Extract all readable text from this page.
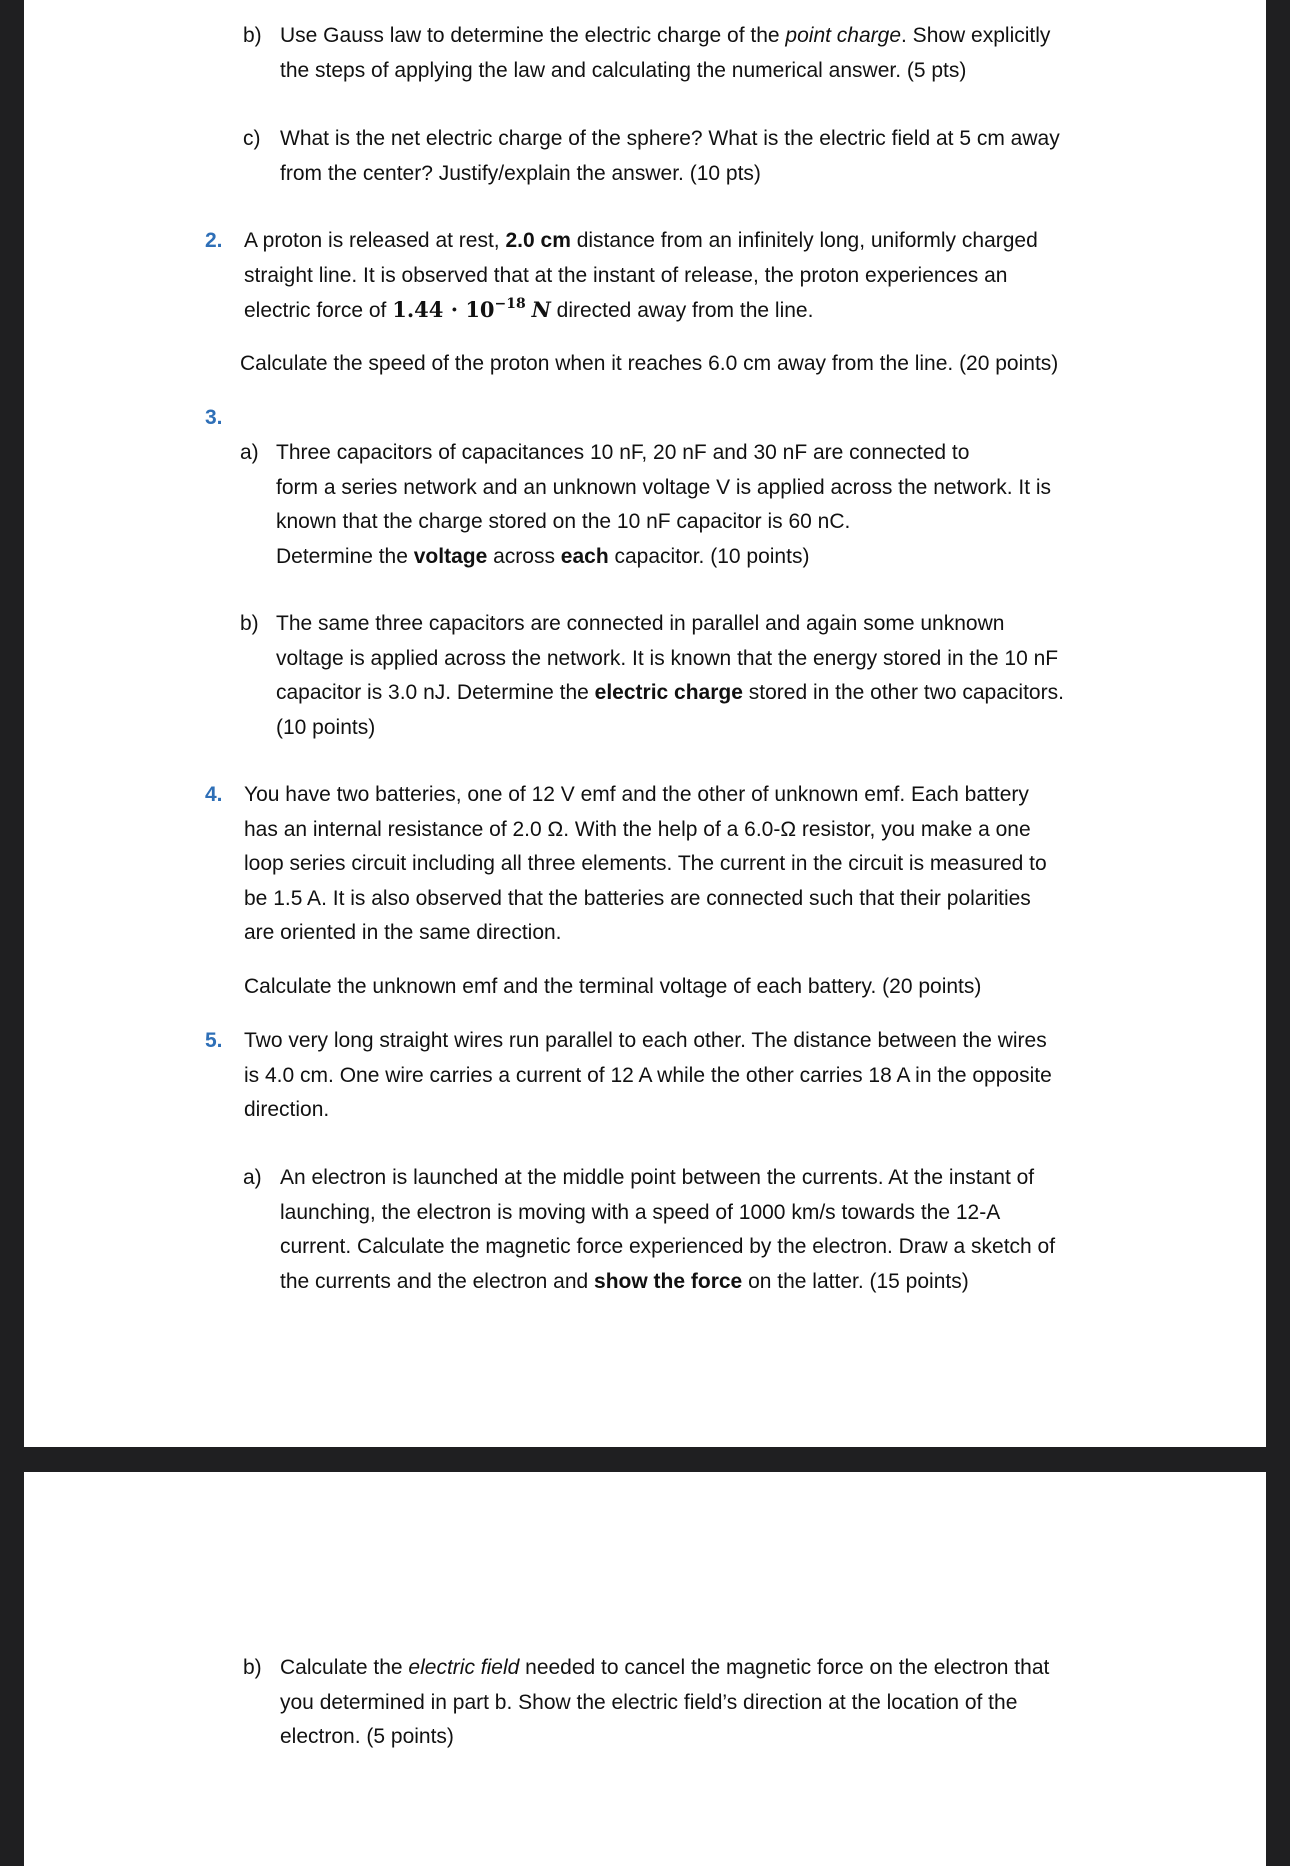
b) Use Gauss law to determine the electric charge of the point charge. Show explicitly
the steps of applying the law and calculating the numerical answer. (5 pts)
c) What is the net electric charge of the sphere? What is the electric field at 5 cm away
from the center? Justify/explain the answer. (10 pts)
2. A proton is released at rest, 2.0 cm distance from an infinitely long, uniformly charged
straight line. It is observed that at the instant of release, the proton experiences an
electric force of $1.44 \cdot 10^{-18}$ N directed away from the line.
Calculate the speed of the proton when it reaches 6.0 cm away from the line. (20 points)
3.
a) Three capacitors of capacitances 10 nF, 20 nF and 30 nF are connected to
form a series network and an unknown voltage V is applied across the network. It is
known that the charge stored on the 10 nF capacitor is 60 nC.
Determine the voltage across each capacitor. (10 points)
b) The same three capacitors are connected in parallel and again some unknown
voltage is applied across the network. It is known that the energy stored in the 10 nF
capacitor is 3.0 nJ. Determine the electric charge stored in the other two capacitors.
(10 points)
4. You have two batteries, one of 12 V emf and the other of unknown emf. Each battery
has an internal resistance of 2.0 Ω. With the help of a 6.0-Ω resistor, you make a one
loop series circuit including all three elements. The current in the circuit is measured to
be 1.5 A. It is also observed that the batteries are connected such that their polarities
are oriented in the same direction.
Calculate the unknown emf and the terminal voltage of each battery. (20 points)
5. Two very long straight wires run parallel to each other. The distance between the wires
is 4.0 cm. One wire carries a current of 12 A while the other carries 18 A in the opposite
direction.
a) An electron is launched at the middle point between the currents. At the instant of
launching, the electron is moving with a speed of 1000 km/s towards the 12-A
current. Calculate the magnetic force experienced by the electron. Draw a sketch of
the currents and the electron and show the force on the latter. (15 points)
b) Calculate the electric field needed to cancel the magnetic force on the electron that
you determined in part b. Show the electric field’s direction at the location of the
electron. (5 points)
